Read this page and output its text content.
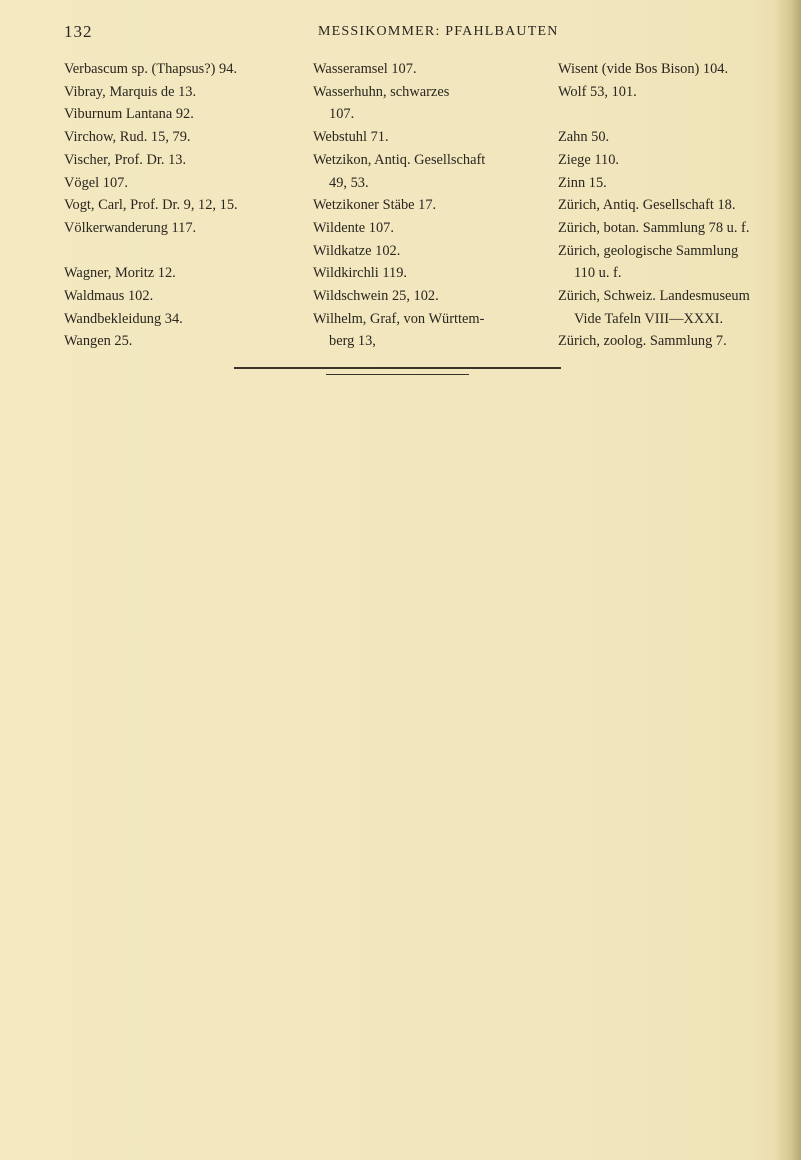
132	MESSIKOMMER: PFAHLBAUTEN
Verbascum sp. (Thapsus?) 94.
Vibray, Marquis de 13.
Viburnum Lantana 92.
Virchow, Rud. 15, 79.
Vischer, Prof. Dr. 13.
Vögel 107.
Vogt, Carl, Prof. Dr. 9, 12, 15.
Völkerwanderung 117.
Wagner, Moritz 12.
Waldmaus 102.
Wandbekleidung 34.
Wangen 25.
Wasseramsel 107.
Wasserhuhn, schwarzes
107.
Webstuhl 71.
Wetzikon, Antiq. Gesellschaft
49, 53.
Wetzikoner Stäbe 17.
Wildente 107.
Wildkatze 102.
Wildkirchli 119.
Wildschwein 25, 102.
Wilhelm, Graf, von Württem-
berg 13,
Wisent (vide Bos Bison) 104.
Wolf 53, 101.
Zahn 50.
Ziege 110.
Zinn 15.
Zürich, Antiq. Gesellschaft 18.
Zürich, botan. Sammlung 78 u. f.
Zürich, geologische Sammlung
110 u. f.
Zürich, Schweiz. Landesmuseum
Vide Tafeln VIII—XXXI.
Zürich, zoolog. Sammlung 7.
